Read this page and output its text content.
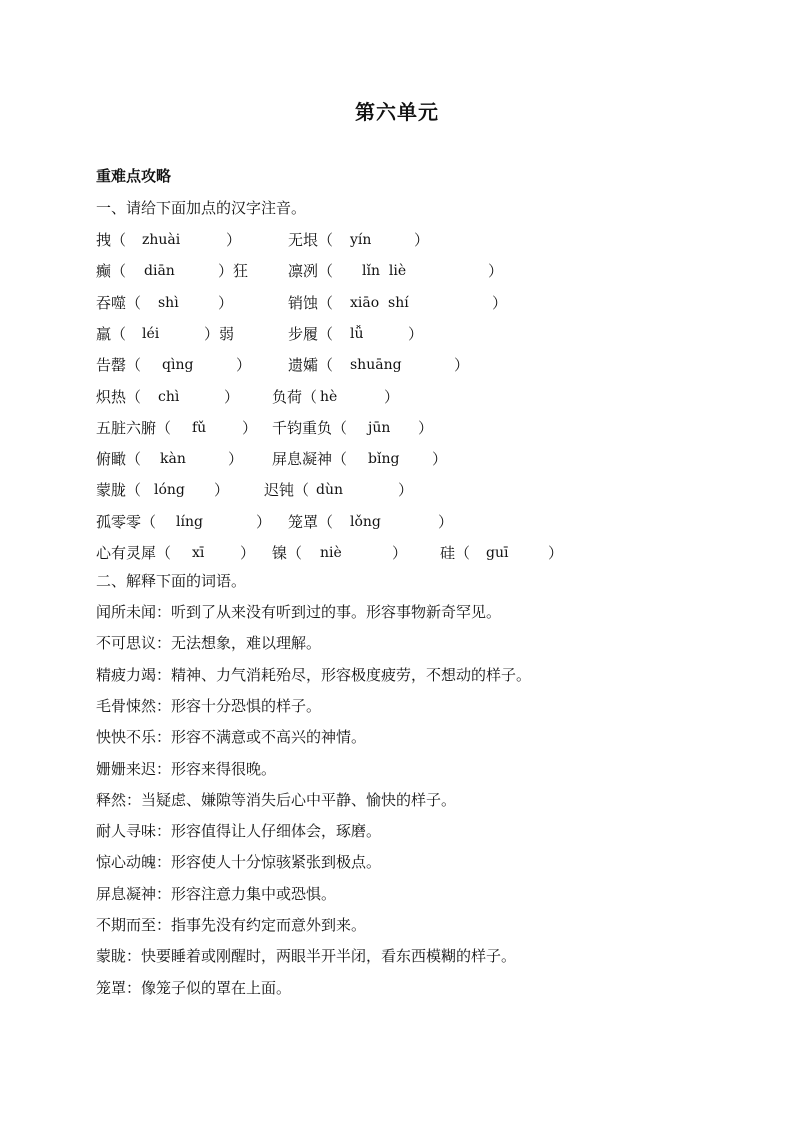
第六单元
重难点攻略
一、请给下面加点的汉字注音。
拽（ zhuài	）	无垠（ yín	）
癫（ diān	）狂	凛冽（ lǐn  liè	）
吞噬（ shì	）	销蚀（ xiāo  shí	）
羸（ léi	）弱	步履（ lǚ	）
告罄（ qìng	） 遗孀（ shuāng	）
炽热（ chì	） 负荷（ hè	）
五脏六腑（ fǔ ） 千钧重负（ jūn ）
俯瞰（ kàn	） 屏息凝神（ bǐng ）
蒙胧（ lóng ） 迟钝（ dùn	）
孤零零（ líng	） 笼罩（ lǒng	）
心有灵犀（ xī ） 镍（ niè	） 硅（ guī	）
二、解释下面的词语。
闻所未闻：听到了从来没有听到过的事。形容事物新奇罕见。
不可思议：无法想象，难以理解。
精疲力竭：精神、力气消耗殆尽，形容极度疲劳，不想动的样子。
毛骨悚然：形容十分恐惧的样子。
怏怏不乐：形容不满意或不高兴的神情。
姗姗来迟：形容来得很晚。
释然：当疑虑、嫌隙等消失后心中平静、愉快的样子。
耐人寻味：形容值得让人仔细体会，琢磨。
惊心动魄：形容使人十分惊骇紧张到极点。
屏息凝神：形容注意力集中或恐惧。
不期而至：指事先没有约定而意外到来。
蒙眬：快要睡着或刚醒时，两眼半开半闭，看东西模糊的样子。
笼罩：像笼子似的罩在上面。
